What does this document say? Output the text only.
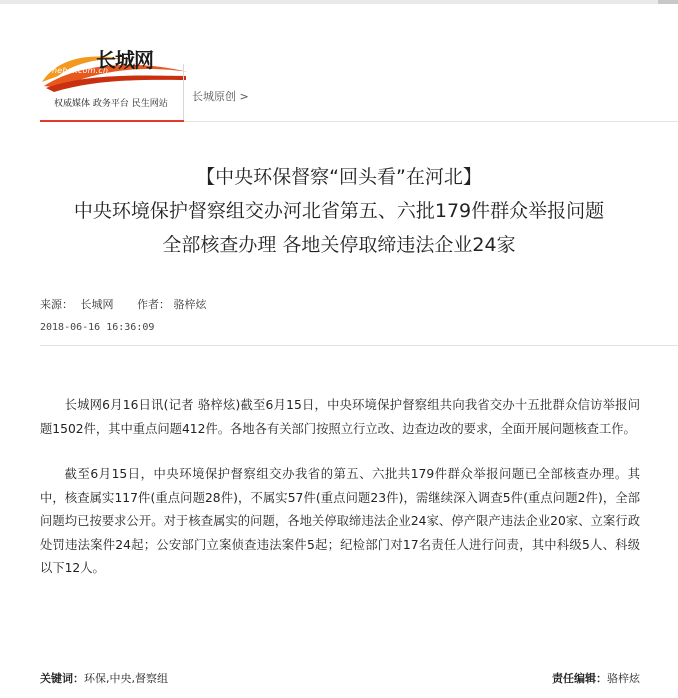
长城网
hebei.com.cn
权威媒体 政务平台 民生网站
长城原创 >

【中央环保督察“回头看”在河北】

中央环境保护督察组交办河北省第五、六批179件群众举报问题

全部核查办理 各地关停取缔违法企业24家

来源： 长城网 作者： 骆梓炫
2018-06-16 16:36:09

长城网6月16日讯(记者 骆梓炫)截至6月15日，中央环境保护督察组共向我省交办十五批群众信访举报问题1502件，其中重点问题412件。各地各有关部门按照立行立改、边查边改的要求，全面开展问题核查工作。

截至6月15日，中央环境保护督察组交办我省的第五、六批共179件群众举报问题已全部核查办理。其中，核查属实117件(重点问题28件)，不属实57件(重点问题23件)，需继续深入调查5件(重点问题2件)，全部问题均已按要求公开。对于核查属实的问题，各地关停取缔违法企业24家、停产限产违法企业20家、立案行政处罚违法案件24起；公安部门立案侦查违法案件5起；纪检部门对17名责任人进行问责，其中科级5人、科级以下12人。

关键词：环保,中央,督察组	责任编辑：骆梓炫
